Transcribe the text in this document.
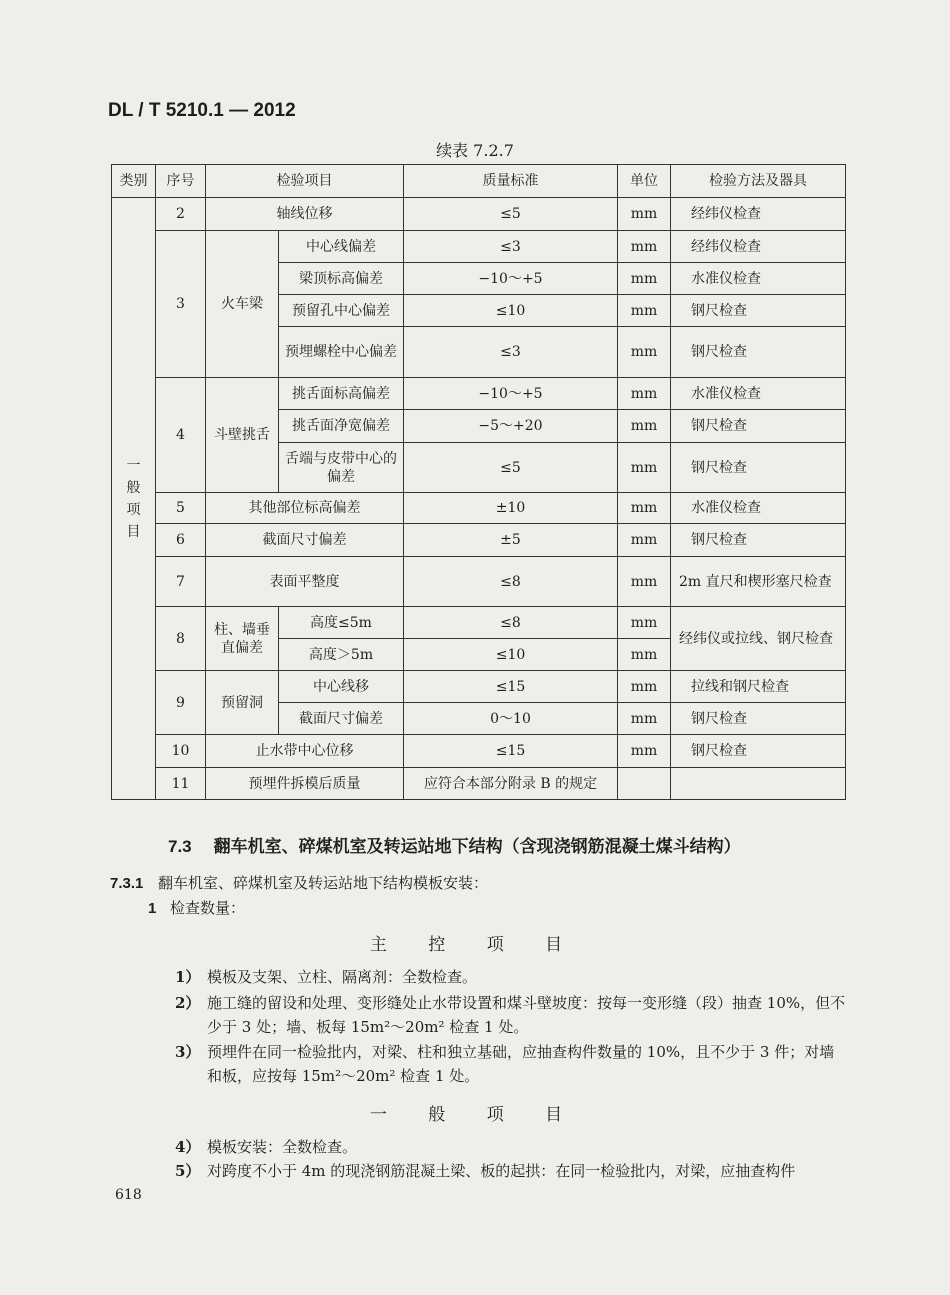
DL / T 5210.1 — 2012
续表 7.2.7
类别	序号	检验项目		质量标准	单位	检验方法及器具
一般项目	2	轴线位移		≤5	mm	经纬仪检查
	3	火车梁	中心线偏差	≤3	mm	经纬仪检查
			梁顶标高偏差	−10～+5	mm	水准仪检查
			预留孔中心偏差	≤10	mm	钢尺检查
			预埋螺栓中心偏差	≤3	mm	钢尺检查
	4	斗壁挑舌	挑舌面标高偏差	−10～+5	mm	水准仪检查
			挑舌面净宽偏差	−5～+20	mm	钢尺检查
			舌端与皮带中心的偏差	≤5	mm	钢尺检查
	5	其他部位标高偏差		±10	mm	水准仪检查
	6	截面尺寸偏差		±5	mm	钢尺检查
	7	表面平整度		≤8	mm	2m 直尺和楔形塞尺检查
	8	柱、墙垂直偏差	高度≤5m	≤8	mm	经纬仪或拉线、钢尺检查
			高度＞5m	≤10	mm	
	9	预留洞	中心线移	≤15	mm	拉线和钢尺检查
			截面尺寸偏差	0～10	mm	钢尺检查
	10	止水带中心位移		≤15	mm	钢尺检查
	11	预埋件拆模后质量		应符合本部分附录 B 的规定		
7.3 翻车机室、碎煤机室及转运站地下结构（含现浇钢筋混凝土煤斗结构）
7.3.1 翻车机室、碎煤机室及转运站地下结构模板安装：
1 检查数量：
主 控 项 目
1） 模板及支架、立柱、隔离剂：全数检查。
2） 施工缝的留设和处理、变形缝处止水带设置和煤斗壁坡度：按每一变形缝（段）抽查 10%，但不少于 3 处；墙、板每 15m²～20m² 检查 1 处。
3） 预埋件在同一检验批内，对梁、柱和独立基础，应抽查构件数量的 10%，且不少于 3 件；对墙和板，应按每 15m²～20m² 检查 1 处。
一 般 项 目
4） 模板安装：全数检查。
5） 对跨度不小于 4m 的现浇钢筋混凝土梁、板的起拱：在同一检验批内，对梁，应抽查构件
618
